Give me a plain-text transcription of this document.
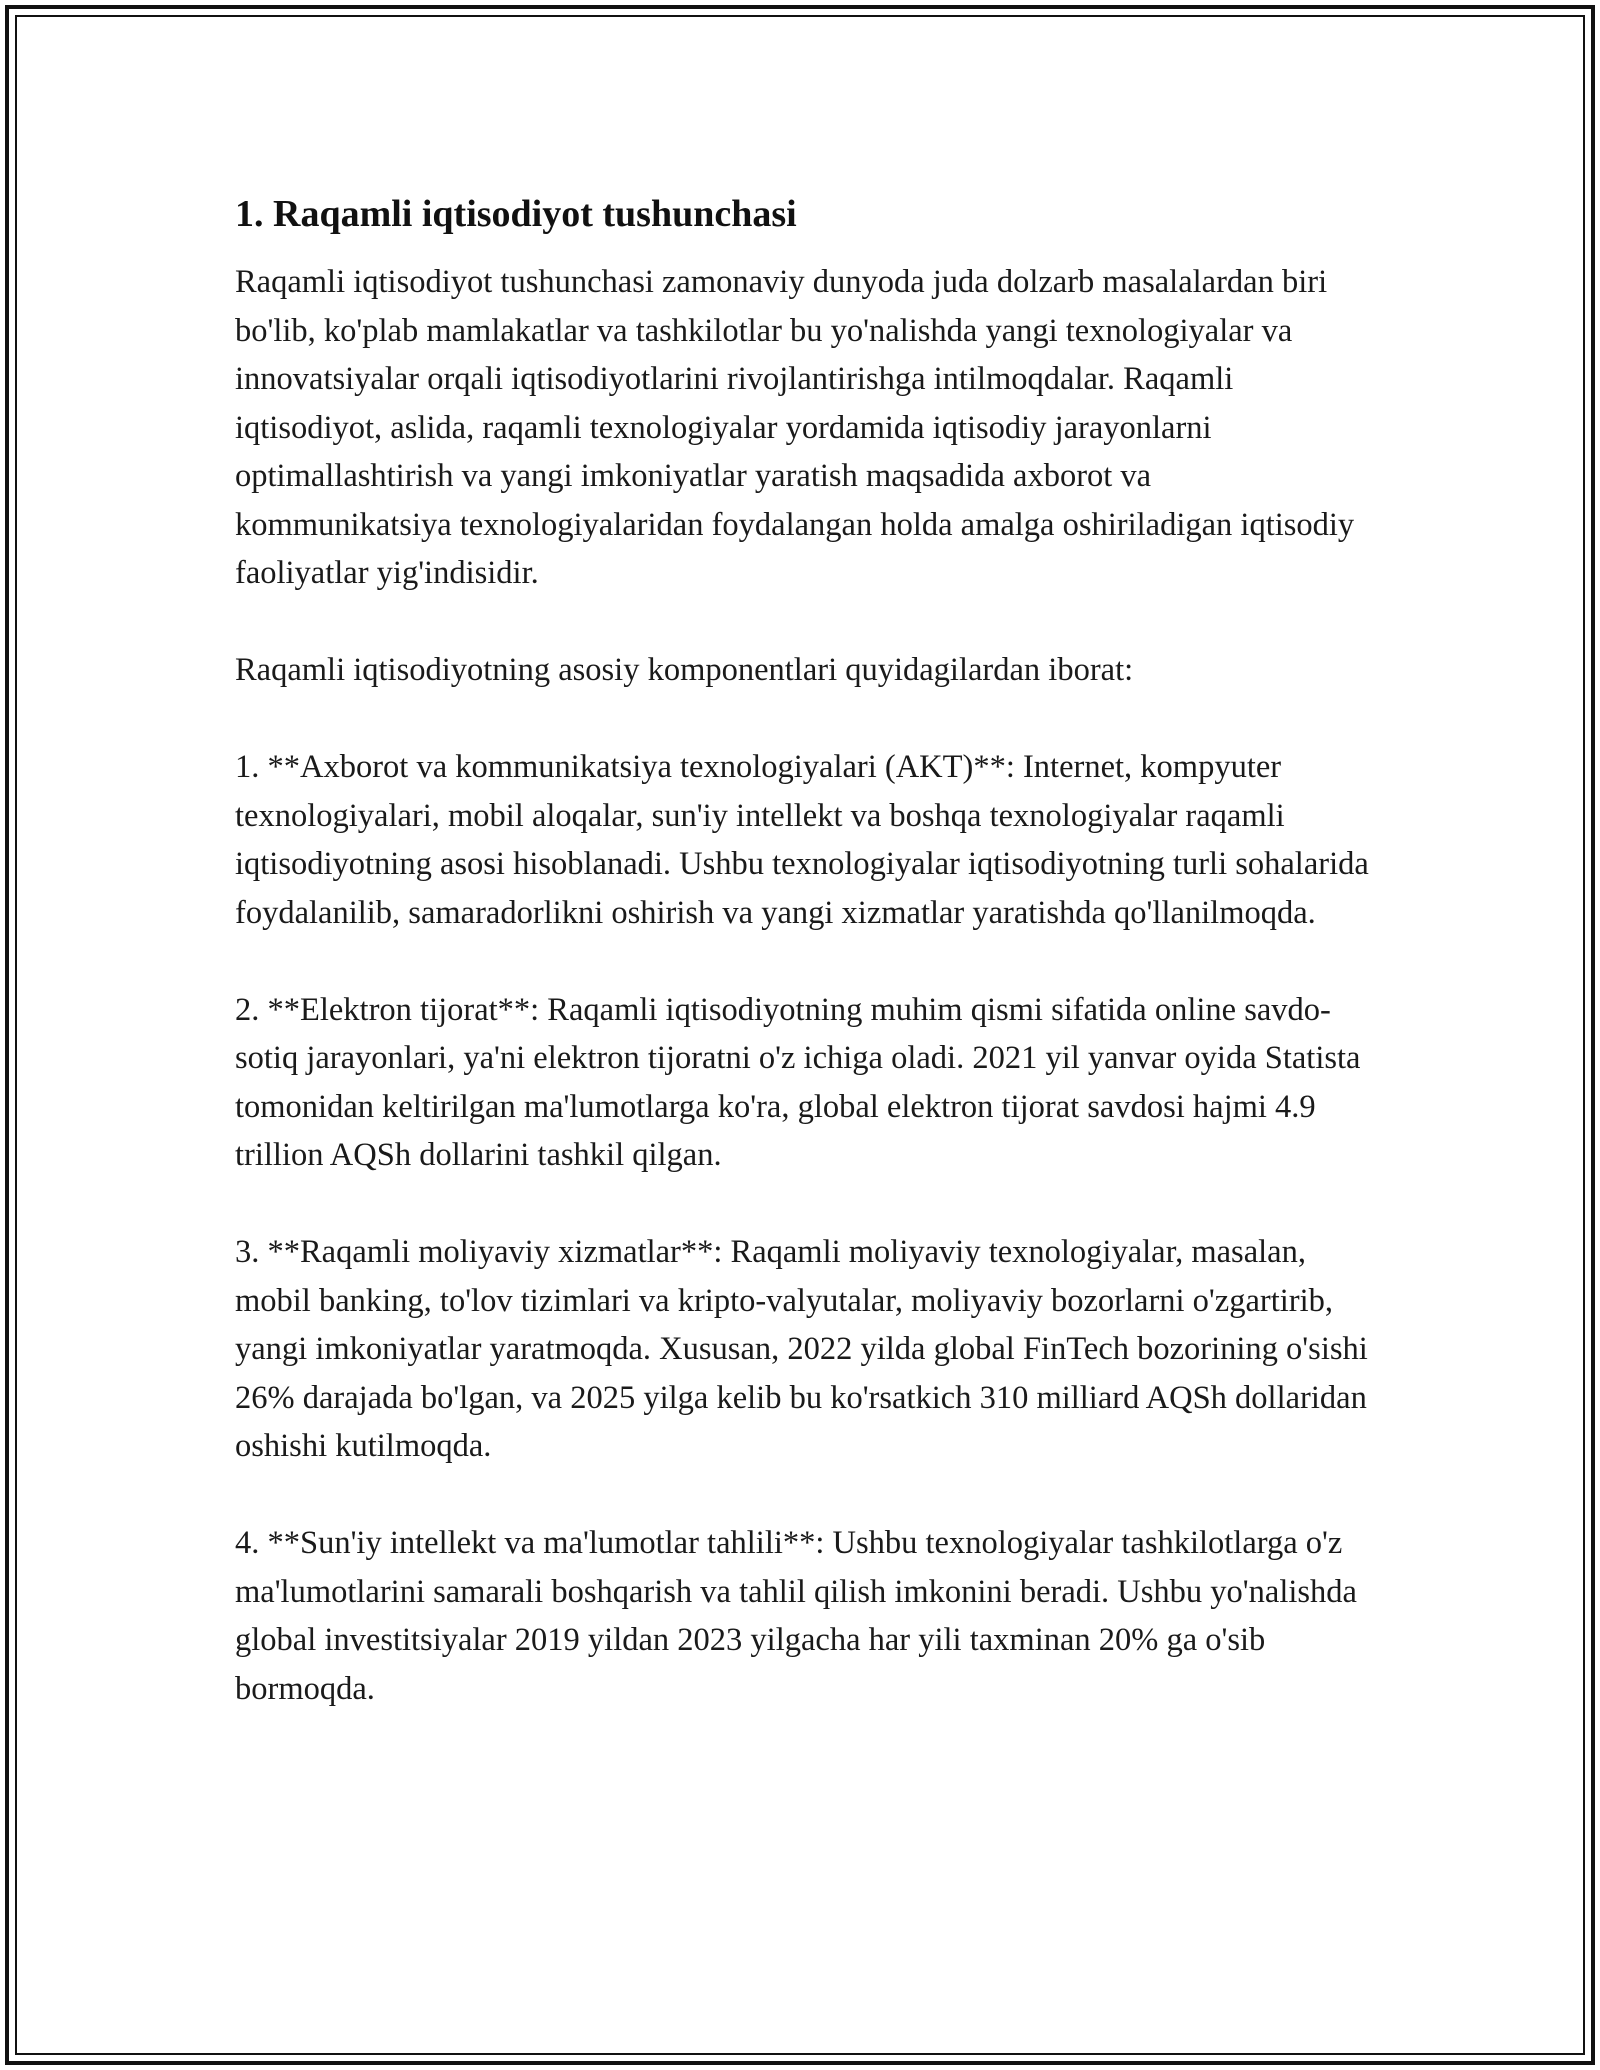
1. Raqamli iqtisodiyot tushunchasi

Raqamli iqtisodiyot tushunchasi zamonaviy dunyoda juda dolzarb masalalardan biri bo'lib, ko'plab mamlakatlar va tashkilotlar bu yo'nalishda yangi texnologiyalar va innovatsiyalar orqali iqtisodiyotlarini rivojlantirishga intilmoqdalar. Raqamli iqtisodiyot, aslida, raqamli texnologiyalar yordamida iqtisodiy jarayonlarni optimallashtirish va yangi imkoniyatlar yaratish maqsadida axborot va kommunikatsiya texnologiyalaridan foydalangan holda amalga oshiriladigan iqtisodiy faoliyatlar yig'indisidir.

Raqamli iqtisodiyotning asosiy komponentlari quyidagilardan iborat:

1. **Axborot va kommunikatsiya texnologiyalari (AKT)**: Internet, kompyuter texnologiyalari, mobil aloqalar, sun'iy intellekt va boshqa texnologiyalar raqamli iqtisodiyotning asosi hisoblanadi. Ushbu texnologiyalar iqtisodiyotning turli sohalarida foydalanilib, samaradorlikni oshirish va yangi xizmatlar yaratishda qo'llanilmoqda.

2. **Elektron tijorat**: Raqamli iqtisodiyotning muhim qismi sifatida online savdo-sotiq jarayonlari, ya'ni elektron tijoratni o'z ichiga oladi. 2021 yil yanvar oyida Statista tomonidan keltirilgan ma'lumotlarga ko'ra, global elektron tijorat savdosi hajmi 4.9 trillion AQSh dollarini tashkil qilgan.

3. **Raqamli moliyaviy xizmatlar**: Raqamli moliyaviy texnologiyalar, masalan, mobil banking, to'lov tizimlari va kripto-valyutalar, moliyaviy bozorlarni o'zgartirib, yangi imkoniyatlar yaratmoqda. Xususan, 2022 yilda global FinTech bozorining o'sishi 26% darajada bo'lgan, va 2025 yilga kelib bu ko'rsatkich 310 milliard AQSh dollaridan oshishi kutilmoqda.

4. **Sun'iy intellekt va ma'lumotlar tahlili**: Ushbu texnologiyalar tashkilotlarga o'z ma'lumotlarini samarali boshqarish va tahlil qilish imkonini beradi. Ushbu yo'nalishda global investitsiyalar 2019 yildan 2023 yilgacha har yili taxminan 20% ga o'sib bormoqda.
